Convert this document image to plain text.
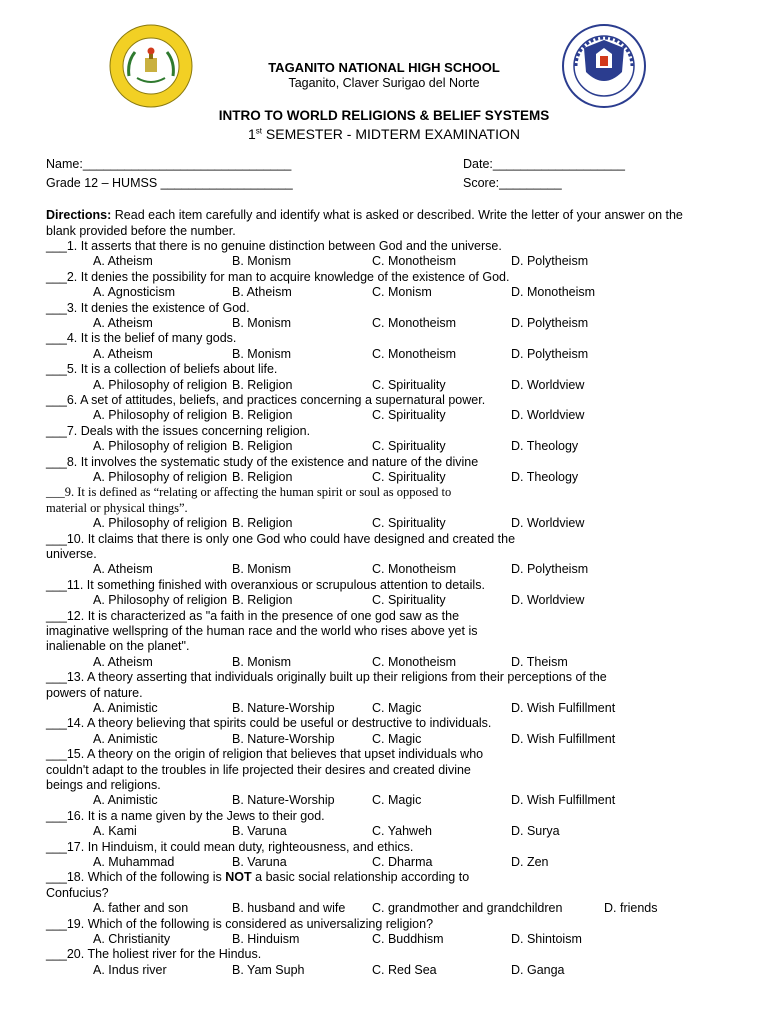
TAGANITO NATIONAL HIGH SCHOOL
Taganito, Claver Surigao del Norte
INTRO TO WORLD RELIGIONS & BELIEF SYSTEMS
1st SEMESTER - MIDTERM EXAMINATION
Name:______________________________	Date:___________________
Grade 12 – HUMSS ___________________	Score:_________
Directions: Read each item carefully and identify what is asked or described. Write the letter of your answer on the blank provided before the number.
___1. It asserts that there is no genuine distinction between God and the universe.
A. Atheism	B. Monism	C. Monotheism	D. Polytheism
___2. It denies the possibility for man to acquire knowledge of the existence of God.
A. Agnosticism	B. Atheism	C. Monism	D. Monotheism
___3. It denies the existence of God.
A. Atheism	B. Monism	C. Monotheism	D. Polytheism
___4. It is the belief of many gods.
A. Atheism	B. Monism	C. Monotheism	D. Polytheism
___5. It is a collection of beliefs about life.
A. Philosophy of religion B. Religion	C. Spirituality	D. Worldview
___6. A set of attitudes, beliefs, and practices concerning a supernatural power.
A. Philosophy of religion B. Religion	C. Spirituality	D. Worldview
___7. Deals with the issues concerning religion.
A. Philosophy of religion B. Religion	C. Spirituality	D. Theology
___8. It involves the systematic study of the existence and nature of the divine
A. Philosophy of religion B. Religion	C. Spirituality	D. Theology
___9. It is defined as “relating or affecting the human spirit or soul as opposed to
material or physical things”.
A. Philosophy of religion B. Religion	C. Spirituality	D. Worldview
___10. It claims that there is only one God who could have designed and created the
universe.
A. Atheism	B. Monism	C. Monotheism	D. Polytheism
___11. It something finished with overanxious or scrupulous attention to details.
A. Philosophy of religion B. Religion	C. Spirituality	D. Worldview
___12. It is characterized as "a faith in the presence of one god saw as the
imaginative wellspring of the human race and the world who rises above yet is
inalienable on the planet".
A. Atheism	B. Monism	C. Monotheism	D. Theism
___13. A theory asserting that individuals originally built up their religions from their perceptions of the
powers of nature.
A. Animistic	B. Nature-Worship	C. Magic	D. Wish Fulfillment
___14. A theory believing that spirits could be useful or destructive to individuals.
A. Animistic	B. Nature-Worship	C. Magic	D. Wish Fulfillment
___15. A theory on the origin of religion that believes that upset individuals who
couldn't adapt to the troubles in life projected their desires and created divine
beings and religions.
A. Animistic	B. Nature-Worship	C. Magic	D. Wish Fulfillment
___16. It is a name given by the Jews to their god.
A. Kami	B. Varuna	C. Yahweh	D. Surya
___17. In Hinduism, it could mean duty, righteousness, and ethics.
A. Muhammad	B. Varuna	C. Dharma	D. Zen
___18. Which of the following is NOT a basic social relationship according to
Confucius?
A. father and son	B. husband and wife C. grandmother and grandchildren	D. friends
___19. Which of the following is considered as universalizing religion?
A. Christianity	B. Hinduism	C. Buddhism	D. Shintoism
___20. The holiest river for the Hindus.
A. Indus river	B. Yam Suph	C. Red Sea	D. Ganga
